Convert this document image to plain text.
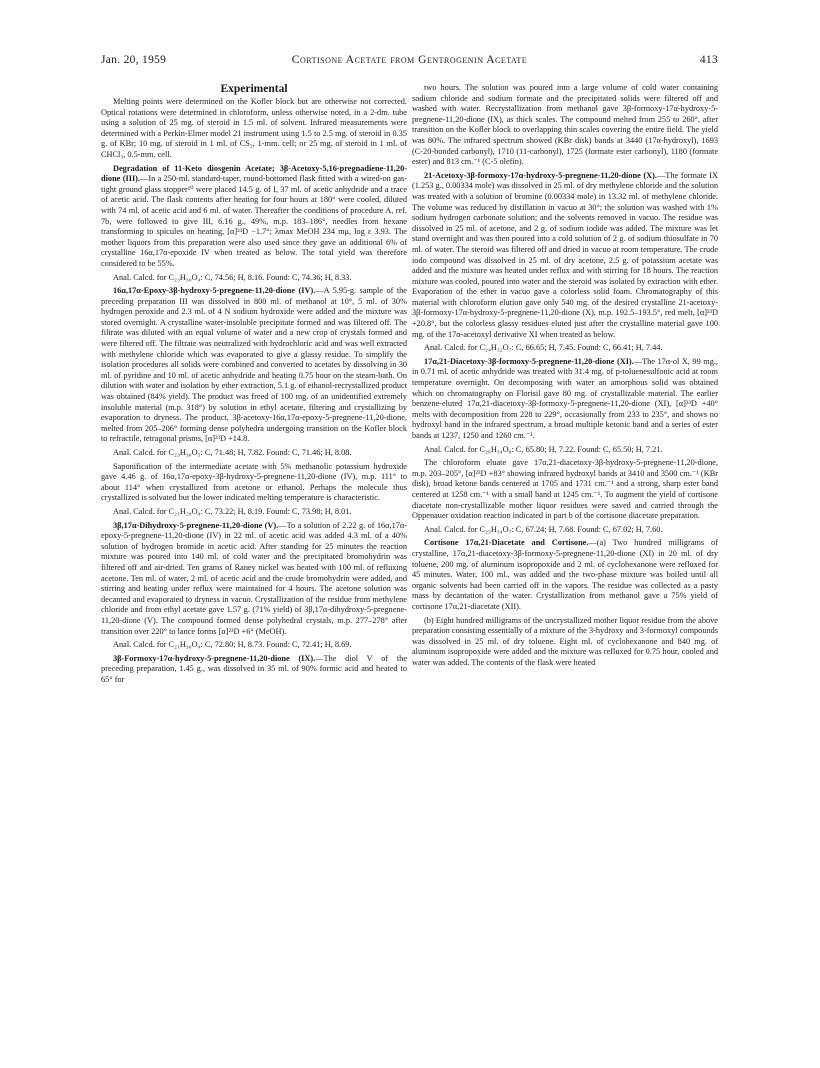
Jan. 20, 1959	Cortisone Acetate from Gentrogenin Acetate	413
Experimental

Melting points were determined on the Kofler block but are otherwise not corrected. Optical rotations were determined in chloroform, unless otherwise noted, in a 2-dm. tube using a solution of 25 mg. of steroid in 1.5 ml. of solvent. Infrared measurements were determined with a Perkin-Elmer model 21 instrument using 1.5 to 2.5 mg. of steroid in 0.35 g. of KBr; 10 mg. of steroid in 1 ml. of CS₂, 1-mm. cell; or 25 mg. of steroid in 1 ml. of CHCl₃, 0.5-mm. cell.

Degradation of 11-Keto diosgenin Acetate; 3β-Acetoxy-5,16-pregnadiene-11,20-dione (III).—In a 250-ml. standard-taper, round-bottomed flask fitted with a wired-on gas-tight ground glass stopper¹⁰ were placed 14.5 g. of I, 37 ml. of acetic anhydride and a trace of acetic acid. The flask contents after heating for four hours at 180° were cooled, diluted with 74 ml. of acetic acid and 6 ml. of water. Thereafter the conditions of procedure A, ref. 7b, were followed to give III, 6.16 g., 49%, m.p. 183–186°, needles from hexane transforming to spicules on heating, [α]²³D −1.7°; λmax MeOH 234 mμ, log ε 3.93. The mother liquors from this preparation were also used since they gave an additional 6% of crystalline 16α,17α-epoxide IV when treated as below. The total yield was therefore considered to be 55%.

Anal. Calcd. for C₂₃H₃₀O₄: C, 74.56; H, 8.16. Found: C, 74.36; H, 8.33.

16α,17α-Epoxy-3β-hydroxy-5-pregnene-11,20-dione (IV).—A 5.95-g. sample of the preceding preparation III was dissolved in 800 ml. of methanol at 10°, 5 ml. of 30% hydrogen peroxide and 2.3 ml. of 4 N sodium hydroxide were added and the mixture was stored overnight. A crystalline water-insoluble precipitate formed and was filtered off. The filtrate was diluted with an equal volume of water and a new crop of crystals formed and were filtered off. The filtrate was neutralized with hydrochloric acid and was well extracted with methylene chloride which was evaporated to give a glassy residue. To simplify the isolation procedures all solids were combined and converted to acetates by dissolving in 30 ml. of pyridine and 10 ml. of acetic anhydride and heating 0.75 hour on the steam-bath. On dilution with water and isolation by ether extraction, 5.1 g. of ethanol-recrystallized product was obtained (84% yield). The product was freed of 100 mg. of an unidentified extremely insoluble material (m.p. 318°) by solution in ethyl acetate, filtering and crystallizing by evaporation to dryness. The product, 3β-acetoxy-16α,17α-epoxy-5-pregnene-11,20-dione, melted from 205–206° forming dense polyhedra undergoing transition on the Kofler block to refractile, tetragonal prisms, [α]²³D +14.8.

Anal. Calcd. for C₂₃H₃₀O₅: C, 71.48; H, 7.82. Found: C, 71.46; H, 8.08.

Saponification of the intermediate acetate with 5% methanolic potassium hydroxide gave 4.46 g. of 16α,17α-epoxy-3β-hydroxy-5-pregnene-11,20-dione (IV), m.p. 111° to about 114° when crystallized from acetone or ethanol. Perhaps the molecule thus crystallized is solvated but the lower indicated melting temperature is characteristic.

Anal. Calcd. for C₂₁H₂₈O₄: C, 73.22; H, 8.19. Found: C, 73.98; H, 8.01.

3β,17α-Dihydroxy-5-pregnene-11,20-dione (V).—To a solution of 2.22 g. of 16α,17α-epoxy-5-pregnene-11,20-dione (IV) in 22 ml. of acetic acid was added 4.3 ml. of a 40% solution of hydrogen bromide in acetic acid. After standing for 25 minutes the reaction mixture was poured into 140 ml. of cold water and the precipitated bromohydrin was filtered off and air-dried. Ten grams of Raney nickel was heated with 100 ml. of refluxing acetone. Ten ml. of water, 2 ml. of acetic acid and the crude bromohydrin were added, and stirring and heating under reflux were maintained for 4 hours. The acetone solution was decanted and evaporated to dryness in vacuo. Crystallization of the residue from methylene chloride and from ethyl acetate gave 1.57 g. (71% yield) of 3β,17α-dihydroxy-5-pregnene-11,20-dione (V). The compound formed dense polyhedral crystals, m.p. 277–278° after transition over 220° to lance forms [α]²³D +6° (MeOH).

Anal. Calcd. for C₂₁H₃₀O₄: C, 72.80; H, 8.73. Found: C, 72.41; H, 8.69.

3β-Formoxy-17α-hydroxy-5-pregnene-11,20-dione (IX).—The diol V of the preceding preparation, 1.45 g., was dissolved in 35 ml. of 90% formic acid and heated to 65° for

two hours. The solution was poured into a large volume of cold water containing sodium chloride and sodium formate and the precipitated solids were filtered off and washed with water. Recrystallization from methanol gave 3β-formoxy-17α-hydroxy-5-pregnene-11,20-dione (IX), as thick scales. The compound melted from 255 to 260°, after transition on the Kofler block to overlapping thin scales covering the entire field. The yield was 80%. The infrared spectrum showed (KBr disk) bands at 3440 (17α-hydroxyl), 1693 (C-20-bonded carbonyl), 1710 (11-carbonyl), 1725 (formate ester carbonyl), 1180 (formate ester) and 813 cm.⁻¹ (C-5 olefin).

21-Acetoxy-3β-formoxy-17α-hydroxy-5-pregnene-11,20-dione (X).—The formate IX (1.253 g., 0.00334 mole) was dissolved in 25 ml. of dry methylene chloride and the solution was treated with a solution of bromine (0.00334 mole) in 13.32 ml. of methylene chloride. The volume was reduced by distillation in vacuo at 30°; the solution was washed with 1% sodium hydrogen carbonate solution; and the solvents removed in vacuo. The residue was dissolved in 25 ml. of acetone, and 2 g. of sodium iodide was added. The mixture was let stand overnight and was then poured into a cold solution of 2 g. of sodium thiosulfate in 70 ml. of water. The steroid was filtered off and dried in vacuo at room temperature. The crude iodo compound was dissolved in 25 ml. of dry acetone, 2.5 g. of potassium acetate was added and the mixture was heated under reflux and with stirring for 18 hours. The reaction mixture was cooled, poured into water and the steroid was isolated by extraction with ether. Evaporation of the ether in vacuo gave a colorless solid foam. Chromatography of this material with chloroform elution gave only 540 mg. of the desired crystalline 21-acetoxy-3β-formoxy-17α-hydroxy-5-pregnene-11,20-dione (X), m.p. 192.5–193.5°, red melt, [α]²³D +20.8°, but the colorless glassy residues eluted just after the crystalline material gave 100 mg. of the 17α-acetoxyl derivative XI when treated as below.

Anal. Calcd. for C₂₄H₃₂O₇: C, 66.65; H, 7.45. Found: C, 66.41; H, 7.44.

17α,21-Diacetoxy-3β-formoxy-5-pregnene-11,20-dione (XI).—The 17α-ol X, 99 mg., in 0.71 ml. of acetic anhydride was treated with 31.4 mg. of p-toluenesulfonic acid at room temperature overnight. On decomposing with water an amorphous solid was obtained which on chromatography on Florisil gave 80 mg. of crystallizable material. The earlier benzene-eluted 17α,21-diacetoxy-3β-formoxy-5-pregnene-11,20-dione (XI), [α]²³D +40° melts with decomposition from 228 to 229°, occasionally from 233 to 235°, and shows no hydroxyl band in the infrared spectrum, a broad multiple ketonic band and a series of ester bands at 1237, 1250 and 1260 cm.⁻¹.

Anal. Calcd. for C₂₆H₃₄O₈: C, 65.80; H, 7.22. Found: C, 65.50; H, 7.21.

The chloroform eluate gave 17α,21-diacetoxy-3β-hydroxy-5-pregnene-11,20-dione, m.p. 203–205°, [α]²³D +83° showing infrared hydroxyl bands at 3410 and 3500 cm.⁻¹ (KBr disk), broad ketone bands centered at 1705 and 1731 cm.⁻¹ and a strong, sharp ester band centered at 1258 cm.⁻¹ with a small band at 1245 cm.⁻¹. To augment the yield of cortisone diacetate non-crystallizable mother liquor residues were saved and carried through the Oppenauer oxidation reaction indicated in part b of the cortisone diacetate preparation.

Anal. Calcd. for C₂₅H₃₄O₇: C, 67.24; H, 7.68. Found: C, 67.02; H, 7.60.

Cortisone 17α,21-Diacetate and Cortisone.—(a) Two hundred milligrams of crystalline, 17α,21-diacetoxy-3β-formoxy-5-pregnene-11,20-dione (XI) in 20 ml. of dry toluene, 200 mg. of aluminum isopropoxide and 2 ml. of cyclohexanone were refluxed for 45 minutes. Water, 100 ml., was added and the two-phase mixture was boiled until all organic solvents had been carried off in the vapors. The residue was collected as a pasty mass by decantation of the water. Crystallization from methanol gave a 75% yield of cortisone 17α,21-diacetate (XII).

(b) Eight hundred milligrams of the uncrystallized mother liquor residue from the above preparation consisting essentially of a mixture of the 3-hydroxy and 3-formoxyl compounds was dissolved in 25 ml. of dry toluene. Eight ml. of cyclohexanone and 840 mg. of aluminum isopropoxide were added and the mixture was refluxed for 0.75 hour, cooled and water was added. The contents of the flask were heated
